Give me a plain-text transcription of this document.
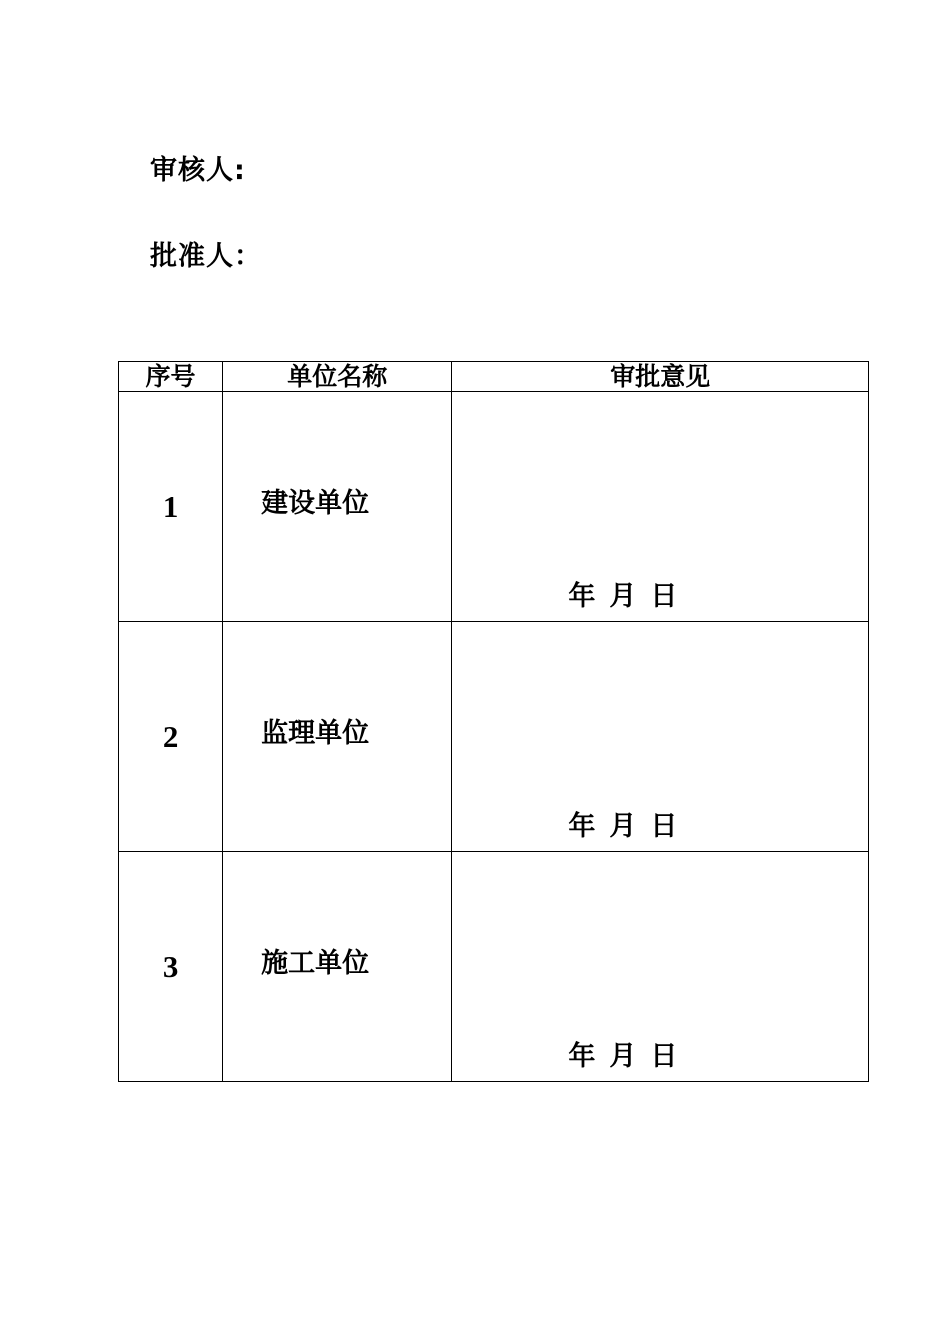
审核人:
批准人：
序号	单位名称	审批意见
1	建设单位	年 月 日

2	监理单位	年 月 日

3	施工单位	年 月 日
